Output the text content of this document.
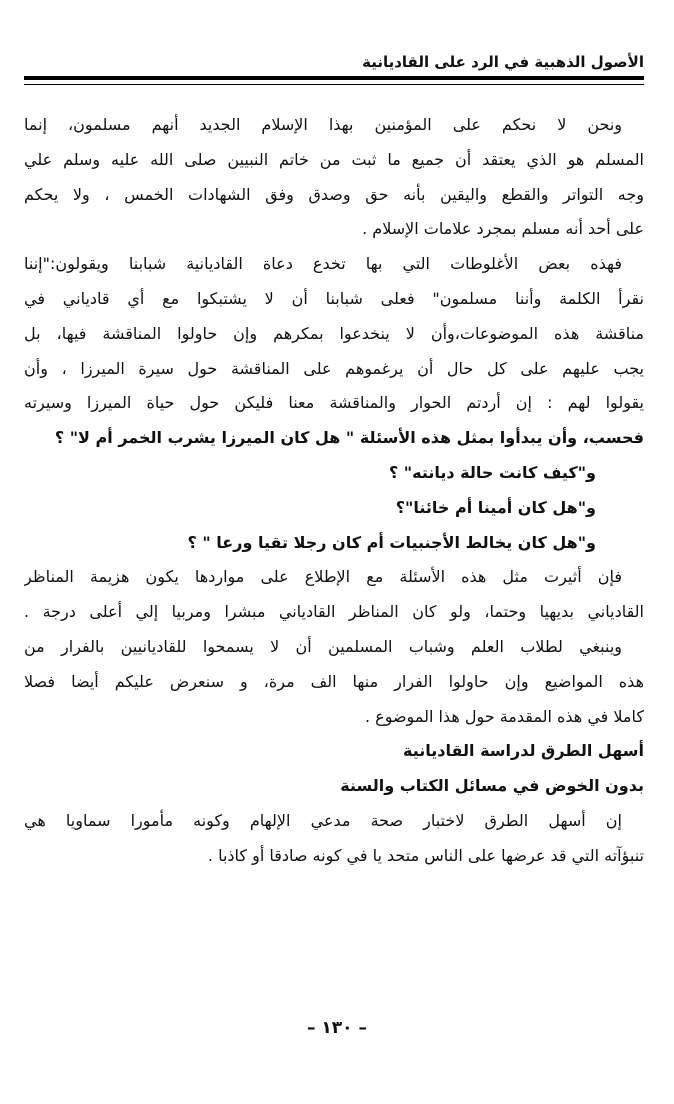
الأصول الذهبية في الرد على القاديانية
ونحن لا نحكم على المؤمنين بهذا الإسلام الجديد أنهم مسلمون، إنما
المسلم هو الذي يعتقد أن جميع ما ثبت من خاتم النبيين صلى الله عليه وسلم علي
وجه التواتر والقطع واليقين بأنه حق وصدق وفق الشهادات الخمس ، ولا يحكم
على أحد أنه مسلم بمجرد علامات الإسلام .
فهذه بعض الأغلوطات التي بها تخدع دعاة القاديانية شبابنا ويقولون:"إننا
نقرأ الكلمة وأننا مسلمون" فعلى شبابنا أن لا يشتبكوا مع أي قادياني في
مناقشة هذه الموضوعات،وأن لا ينخدعوا بمكرهم وإن حاولوا المناقشة فيها، بل
يجب عليهم على كل حال أن يرغموهم على المناقشة حول سيرة الميرزا ، وأن
يقولوا لهم : إن أردتم الحوار والمناقشة معنا فليكن حول حياة الميرزا وسيرته
فحسب، وأن يبدأوا بمثل هذه الأسئلة " هل كان الميرزا يشرب الخمر أم لا" ؟
و"كيف كانت حالة ديانته" ؟
و"هل كان أمينا أم خائنا"؟
و"هل كان يخالط الأجنبيات أم كان رجلا تقيا ورعا " ؟
فإن أثيرت مثل هذه الأسئلة مع الإطلاع على مواردها يكون هزيمة المناظر
القادياني بديهيا وحتما، ولو كان المناظر القادياني مبشرا ومربيا إلي أعلى درجة .
وينبغي لطلاب العلم وشباب المسلمين أن لا يسمحوا للقاديانيين بالفرار من
هذه المواضيع وإن حاولوا الفرار منها الف مرة، و سنعرض عليكم أيضا فصلا
كاملا في هذه المقدمة حول هذا الموضوع .
أسهل الطرق لدراسة القاديانية
بدون الخوض في مسائل الكتاب والسنة
إن أسهل الطرق لاختبار صحة مدعي الإلهام وكونه مأمورا سماويا هي
تنبؤآته التي قد عرضها على الناس متحد يا في كونه صادقا أو كاذبا .
– ١٣٠ –
